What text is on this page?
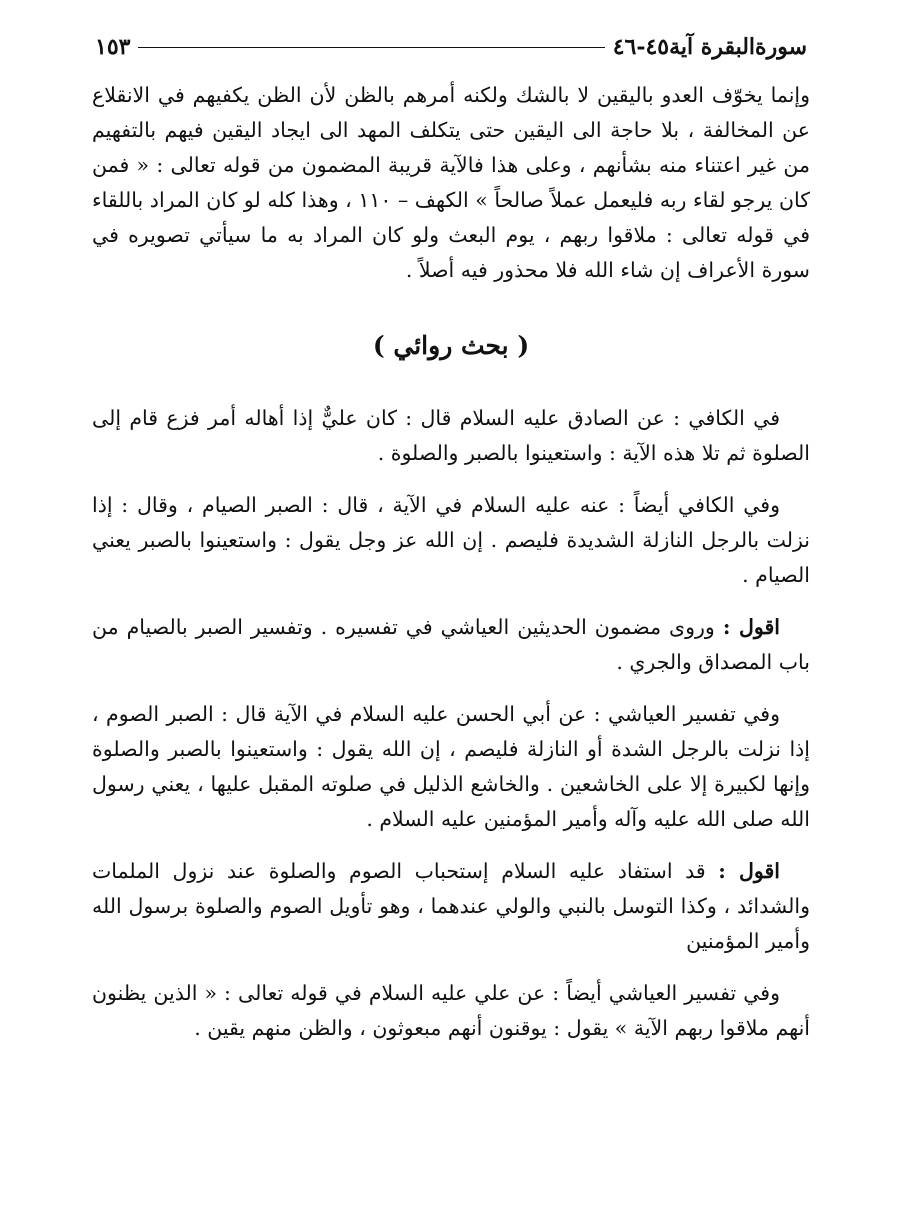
١٥٣	سورةالبقرة آية٤٥-٤٦

وإنما يخوّف العدو باليقين لا بالشك ولكنه أمرهم بالظن لأن الظن يكفيهم في الانقلاع عن المخالفة ، بلا حاجة الى اليقين حتى يتكلف المهد الى ايجاد اليقين فيهم بالتفهيم من غير اعتناء منه بشأنهم ، وعلى هذا فالآية قريبة المضمون من قوله تعالى : « فمن كان يرجو لقاء ربه فليعمل عملاً صالحاً » الكهف – ١١٠ ، وهذا كله لو كان المراد باللقاء في قوله تعالى : ملاقوا ربهم ، يوم البعث ولو كان المراد به ما سيأتي تصويره في سورة الأعراف إن شاء الله فلا محذور فيه أصلاً .

( بحث روائي )

في الكافي : عن الصادق عليه السلام قال : كان عليٌّ إذا أهاله أمر فزع قام إلى الصلوة ثم تلا هذه الآية : واستعينوا بالصبر والصلوة .

وفي الكافي أيضاً : عنه عليه السلام في الآية ، قال : الصبر الصيام ، وقال : إذا نزلت بالرجل النازلة الشديدة فليصم . إن الله عز وجل يقول : واستعينوا بالصبر يعني الصيام .

اقول : وروى مضمون الحديثين العياشي في تفسيره . وتفسير الصبر بالصيام من باب المصداق والجري .

وفي تفسير العياشي : عن أبي الحسن عليه السلام في الآية قال : الصبر الصوم ، إذا نزلت بالرجل الشدة أو النازلة فليصم ، إن الله يقول : واستعينوا بالصبر والصلوة وإنها لكبيرة إلا على الخاشعين . والخاشع الذليل في صلوته المقبل عليها ، يعني رسول الله صلى الله عليه وآله وأمير المؤمنين عليه السلام .

اقول : قد استفاد عليه السلام إستحباب الصوم والصلوة عند نزول الملمات والشدائد ، وكذا التوسل بالنبي والولي عندهما ، وهو تأويل الصوم والصلوة برسول الله وأمير المؤمنين

وفي تفسير العياشي أيضاً : عن علي عليه السلام في قوله تعالى : « الذين يظنون أنهم ملاقوا ربهم الآية » يقول : يوقنون أنهم مبعوثون ، والظن منهم يقين .
